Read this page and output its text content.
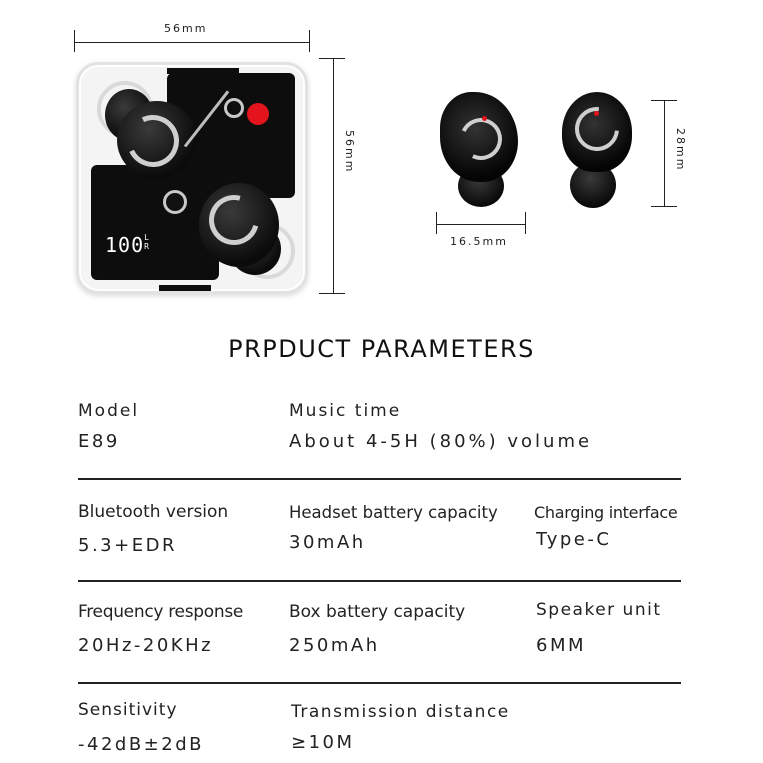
56mm
56mm
100L
R	16.5mm
28mm
PRPDUCT PARAMETERS
Model
E89
Music time
About 4-5H (80%) volume
Bluetooth version
5.3+EDR
Headset battery capacity
30mAh
Charging interface
Type-C
Frequency response
20Hz-20KHz
Box battery capacity
250mAh
Speaker unit
6MM
Sensitivity
-42dB±2dB
Transmission distance
≥10M
